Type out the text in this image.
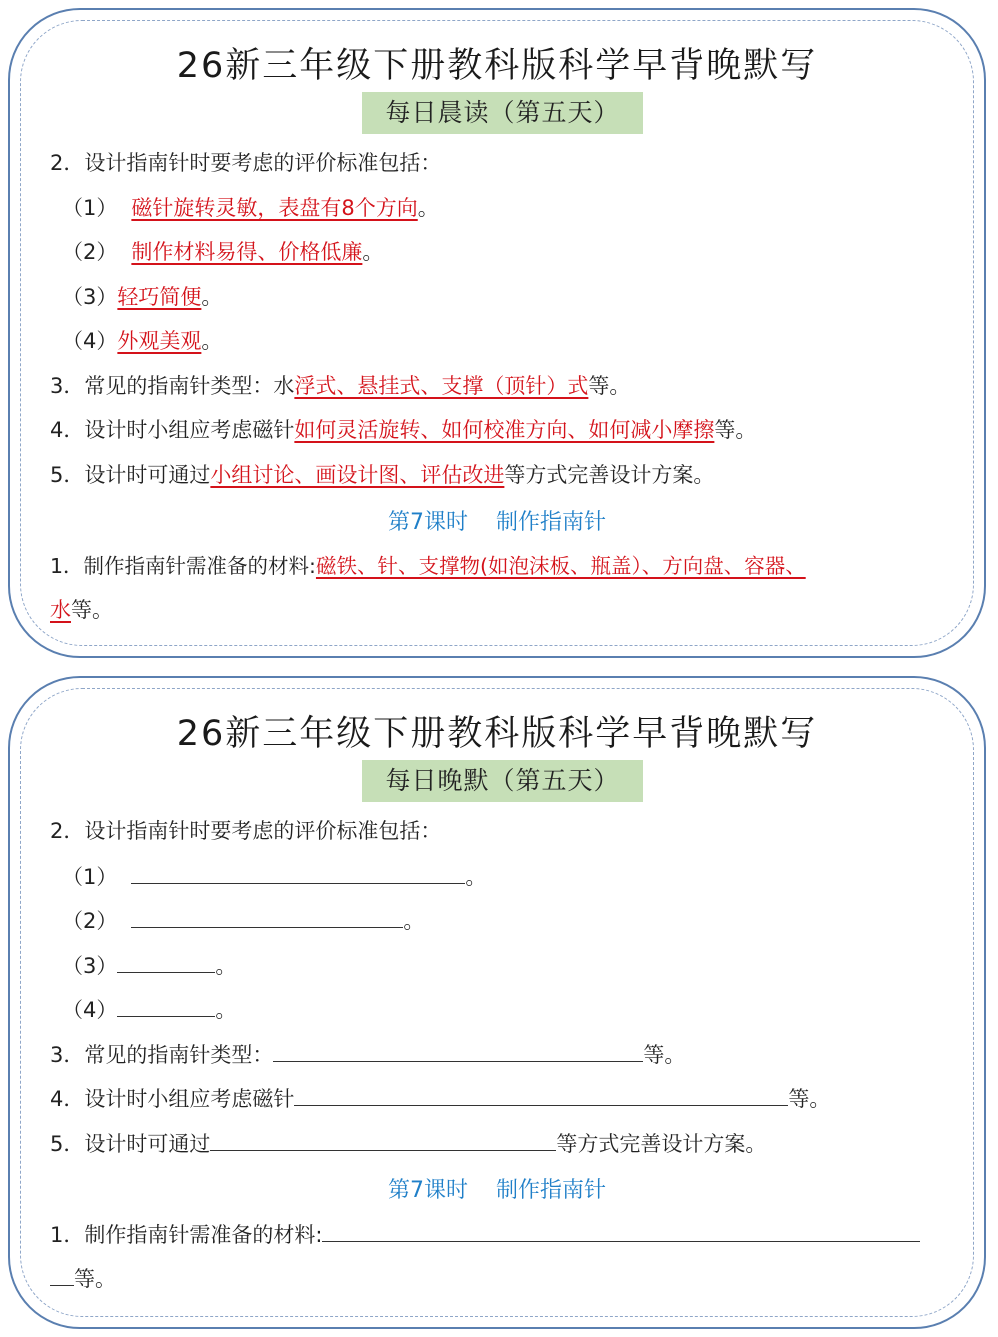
26新三年级下册教科版科学早背晚默写
每日晨读（第五天）
2．设计指南针时要考虑的评价标准包括：
（1） 磁针旋转灵敏，表盘有8个方向。
（2） 制作材料易得、价格低廉。
（3）轻巧简便。
（4）外观美观。
3．常见的指南针类型：水浮式、悬挂式、支撑（顶针）式等。
4．设计时小组应考虑磁针如何灵活旋转、如何校准方向、如何减小摩擦等。
5．设计时可通过小组讨论、画设计图、评估改进等方式完善设计方案。
第7课时 制作指南针
1．制作指南针需准备的材料:磁铁、针、支撑物(如泡沫板、瓶盖）、方向盘、容器、
水等。
26新三年级下册教科版科学早背晚默写
每日晚默（第五天）
2．设计指南针时要考虑的评价标准包括：
（1）	。
（2）	。
（3）	。
（4）	。
3．常见的指南针类型：	等。
4．设计时小组应考虑磁针	等。
5．设计时可通过	等方式完善设计方案。
第7课时 制作指南针
1．制作指南针需准备的材料:
等。
